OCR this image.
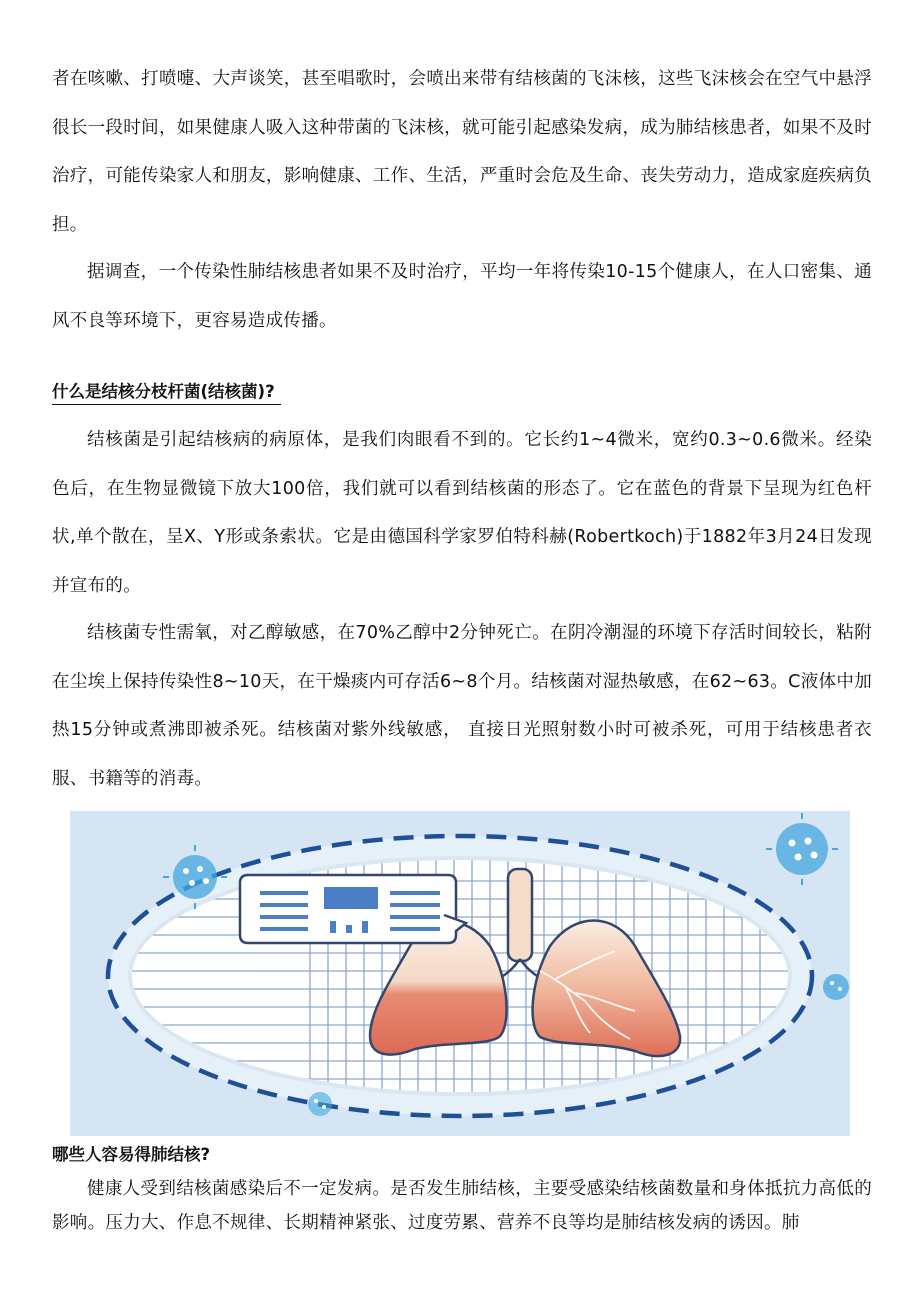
者在咳嗽、打喷嚏、大声谈笑，甚至唱歌时，会喷出来带有结核菌的飞沫核，这些飞沫核会在空气中悬浮很长一段时间，如果健康人吸入这种带菌的飞沫核，就可能引起感染发病，成为肺结核患者，如果不及时治疗，可能传染家人和朋友，影响健康、工作、生活，严重时会危及生命、丧失劳动力，造成家庭疾病负担。

据调查，一个传染性肺结核患者如果不及时治疗，平均一年将传染10-15个健康人，在人口密集、通风不良等环境下，更容易造成传播。

什么是结核分枝杆菌(结核菌)?

结核菌是引起结核病的病原体，是我们肉眼看不到的。它长约1~4微米，宽约0.3~0.6微米。经染色后，在生物显微镜下放大100倍，我们就可以看到结核菌的形态了。它在蓝色的背景下呈现为红色杆状,单个散在，呈X、Y形或条索状。它是由德国科学家罗伯特科赫(Robertkoch)于1882年3月24日发现并宣布的。

结核菌专性需氧，对乙醇敏感，在70%乙醇中2分钟死亡。在阴冷潮湿的环境下存活时间较长，粘附在尘埃上保持传染性8~10天，在干燥痰内可存活6~8个月。结核菌对湿热敏感，在62~63。C液体中加热15分钟或煮沸即被杀死。结核菌对紫外线敏感， 直接日光照射数小时可被杀死，可用于结核患者衣服、书籍等的消毒。

哪些人容易得肺结核?

健康人受到结核菌感染后不一定发病。是否发生肺结核，主要受感染结核菌数量和身体抵抗力高低的影响。压力大、作息不规律、长期精神紧张、过度劳累、营养不良等均是肺结核发病的诱因。肺
